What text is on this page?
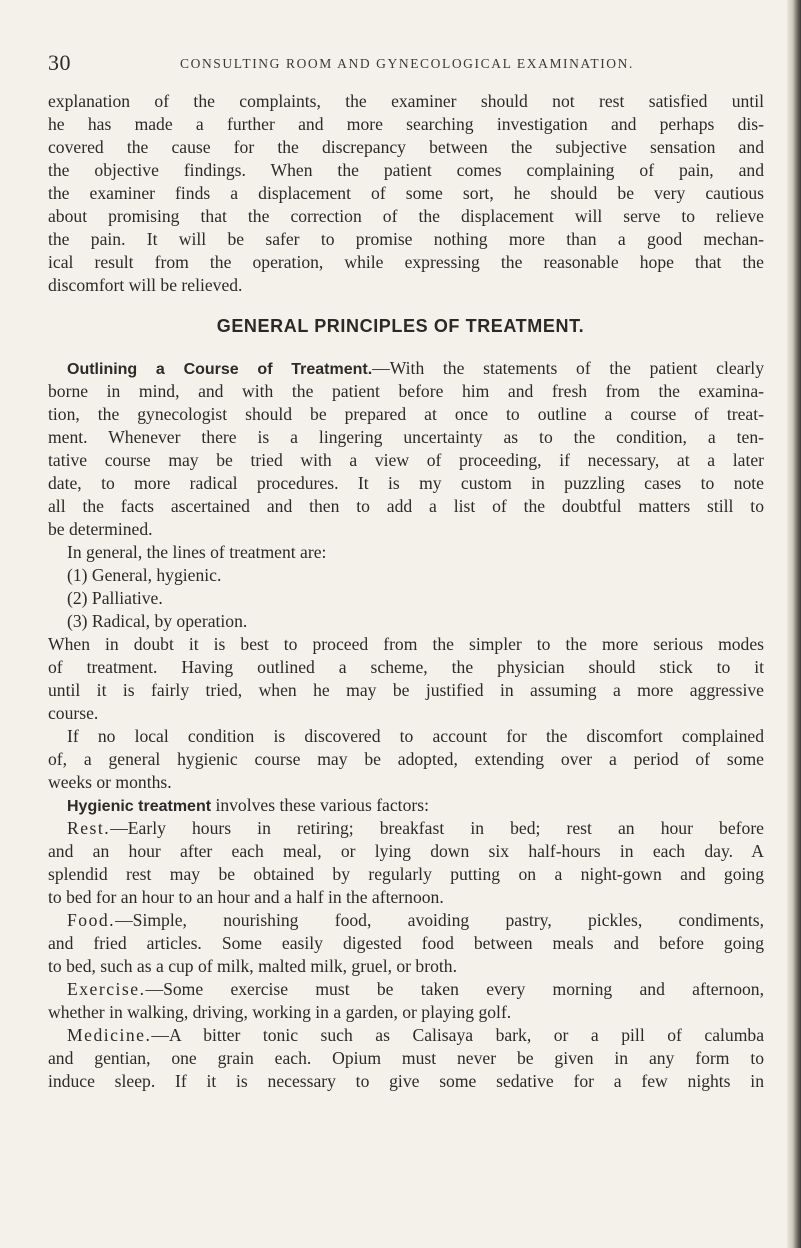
30	CONSULTING ROOM AND GYNECOLOGICAL EXAMINATION.

explanation of the complaints, the examiner should not rest satisfied until
he has made a further and more searching investigation and perhaps dis-
covered the cause for the discrepancy between the subjective sensation and
the objective findings. When the patient comes complaining of pain, and
the examiner finds a displacement of some sort, he should be very cautious
about promising that the correction of the displacement will serve to relieve
the pain. It will be safer to promise nothing more than a good mechan-
ical result from the operation, while expressing the reasonable hope that the
discomfort will be relieved.

GENERAL PRINCIPLES OF TREATMENT.

Outlining a Course of Treatment.—With the statements of the patient clearly
borne in mind, and with the patient before him and fresh from the examina-
tion, the gynecologist should be prepared at once to outline a course of treat-
ment. Whenever there is a lingering uncertainty as to the condition, a ten-
tative course may be tried with a view of proceeding, if necessary, at a later
date, to more radical procedures. It is my custom in puzzling cases to note
all the facts ascertained and then to add a list of the doubtful matters still to
be determined.

In general, the lines of treatment are:
(1) General, hygienic.
(2) Palliative.
(3) Radical, by operation.

When in doubt it is best to proceed from the simpler to the more serious modes
of treatment. Having outlined a scheme, the physician should stick to it
until it is fairly tried, when he may be justified in assuming a more aggressive
course.

If no local condition is discovered to account for the discomfort complained
of, a general hygienic course may be adopted, extending over a period of some
weeks or months.

Hygienic treatment involves these various factors:

Rest.—Early hours in retiring; breakfast in bed; rest an hour before
and an hour after each meal, or lying down six half-hours in each day. A
splendid rest may be obtained by regularly putting on a night-gown and going
to bed for an hour to an hour and a half in the afternoon.

Food.—Simple, nourishing food, avoiding pastry, pickles, condiments,
and fried articles. Some easily digested food between meals and before going
to bed, such as a cup of milk, malted milk, gruel, or broth.

Exercise.—Some exercise must be taken every morning and afternoon,
whether in walking, driving, working in a garden, or playing golf.

Medicine.—A bitter tonic such as Calisaya bark, or a pill of calumba
and gentian, one grain each. Opium must never be given in any form to
induce sleep. If it is necessary to give some sedative for a few nights in
